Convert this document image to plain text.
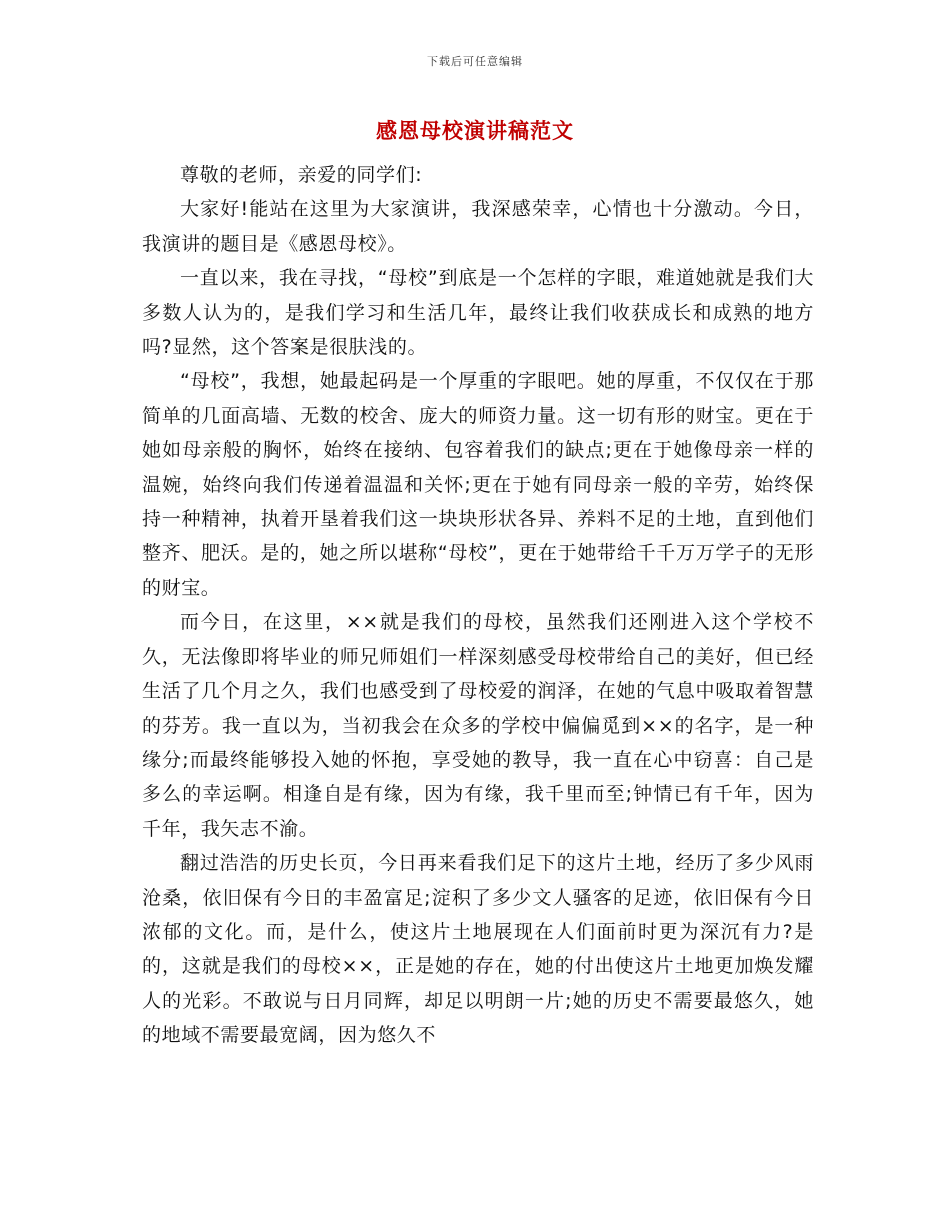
下载后可任意编辑
感恩母校演讲稿范文

尊敬的老师，亲爱的同学们:

大家好!能站在这里为大家演讲，我深感荣幸，心情也十分激动。今日，我演讲的题目是《感恩母校》。

一直以来，我在寻找，“母校”到底是一个怎样的字眼，难道她就是我们大多数人认为的，是我们学习和生活几年，最终让我们收获成长和成熟的地方吗?显然，这个答案是很肤浅的。

“母校”，我想，她最起码是一个厚重的字眼吧。她的厚重，不仅仅在于那简单的几面高墙、无数的校舍、庞大的师资力量。这一切有形的财宝。更在于她如母亲般的胸怀，始终在接纳、包容着我们的缺点;更在于她像母亲一样的温婉，始终向我们传递着温温和关怀;更在于她有同母亲一般的辛劳，始终保持一种精神，执着开垦着我们这一块块形状各异、养料不足的土地，直到他们整齐、肥沃。是的，她之所以堪称“母校”，更在于她带给千千万万学子的无形的财宝。

而今日，在这里，××就是我们的母校，虽然我们还刚进入这个学校不久，无法像即将毕业的师兄师姐们一样深刻感受母校带给自己的美好，但已经生活了几个月之久，我们也感受到了母校爱的润泽，在她的气息中吸取着智慧的芬芳。我一直以为，当初我会在众多的学校中偏偏觅到××的名字，是一种缘分;而最终能够投入她的怀抱，享受她的教导，我一直在心中窃喜：自己是多么的幸运啊。相逢自是有缘，因为有缘，我千里而至;钟情已有千年，因为千年，我矢志不渝。

翻过浩浩的历史长页，今日再来看我们足下的这片土地，经历了多少风雨沧桑，依旧保有今日的丰盈富足;淀积了多少文人骚客的足迹，依旧保有今日浓郁的文化。而，是什么，使这片土地展现在人们面前时更为深沉有力?是的，这就是我们的母校××，正是她的存在，她的付出使这片土地更加焕发耀人的光彩。不敢说与日月同辉，却足以明朗一片;她的历史不需要最悠久，她的地域不需要最宽阔，因为悠久不
